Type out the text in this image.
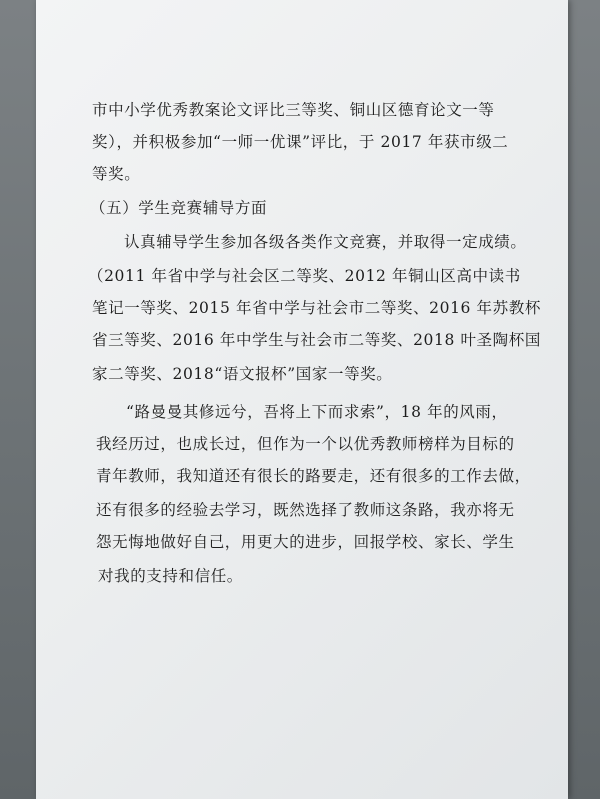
市中小学优秀教案论文评比三等奖、铜山区德育论文一等
奖），并积极参加“一师一优课”评比，于 2017 年获市级二
等奖。
（五）学生竞赛辅导方面
认真辅导学生参加各级各类作文竞赛，并取得一定成绩。
（2011 年省中学与社会区二等奖、2012 年铜山区高中读书
笔记一等奖、2015 年省中学与社会市二等奖、2016 年苏教杯
省三等奖、2016 年中学生与社会市二等奖、2018 叶圣陶杯国
家二等奖、2018“语文报杯”国家一等奖。
“路曼曼其修远兮，吾将上下而求索”，18 年的风雨，
我经历过，也成长过，但作为一个以优秀教师榜样为目标的
青年教师，我知道还有很长的路要走，还有很多的工作去做，
还有很多的经验去学习，既然选择了教师这条路，我亦将无
怨无悔地做好自己，用更大的进步，回报学校、家长、学生
对我的支持和信任。
